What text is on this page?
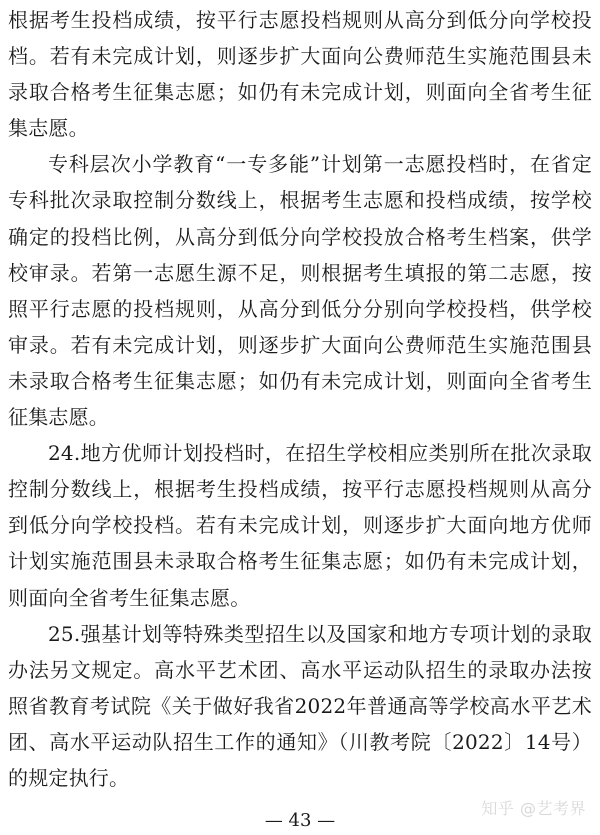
根据考生投档成绩，按平行志愿投档规则从高分到低分向学校投档。若有未完成计划，则逐步扩大面向公费师范生实施范围县未录取合格考生征集志愿；如仍有未完成计划，则面向全省考生征集志愿。

专科层次小学教育“一专多能”计划第一志愿投档时，在省定专科批次录取控制分数线上，根据考生志愿和投档成绩，按学校确定的投档比例，从高分到低分向学校投放合格考生档案，供学校审录。若第一志愿生源不足，则根据考生填报的第二志愿，按照平行志愿的投档规则，从高分到低分分别向学校投档，供学校审录。若有未完成计划，则逐步扩大面向公费师范生实施范围县未录取合格考生征集志愿；如仍有未完成计划，则面向全省考生征集志愿。

24.地方优师计划投档时，在招生学校相应类别所在批次录取控制分数线上，根据考生投档成绩，按平行志愿投档规则从高分到低分向学校投档。若有未完成计划，则逐步扩大面向地方优师计划实施范围县未录取合格考生征集志愿；如仍有未完成计划，则面向全省考生征集志愿。

25.强基计划等特殊类型招生以及国家和地方专项计划的录取办法另文规定。高水平艺术团、高水平运动队招生的录取办法按照省教育考试院《关于做好我省2022年普通高等学校高水平艺术团、高水平运动队招生工作的通知》（川教考院〔2022〕14号）的规定执行。

知乎 @艺考界
— 43 —
